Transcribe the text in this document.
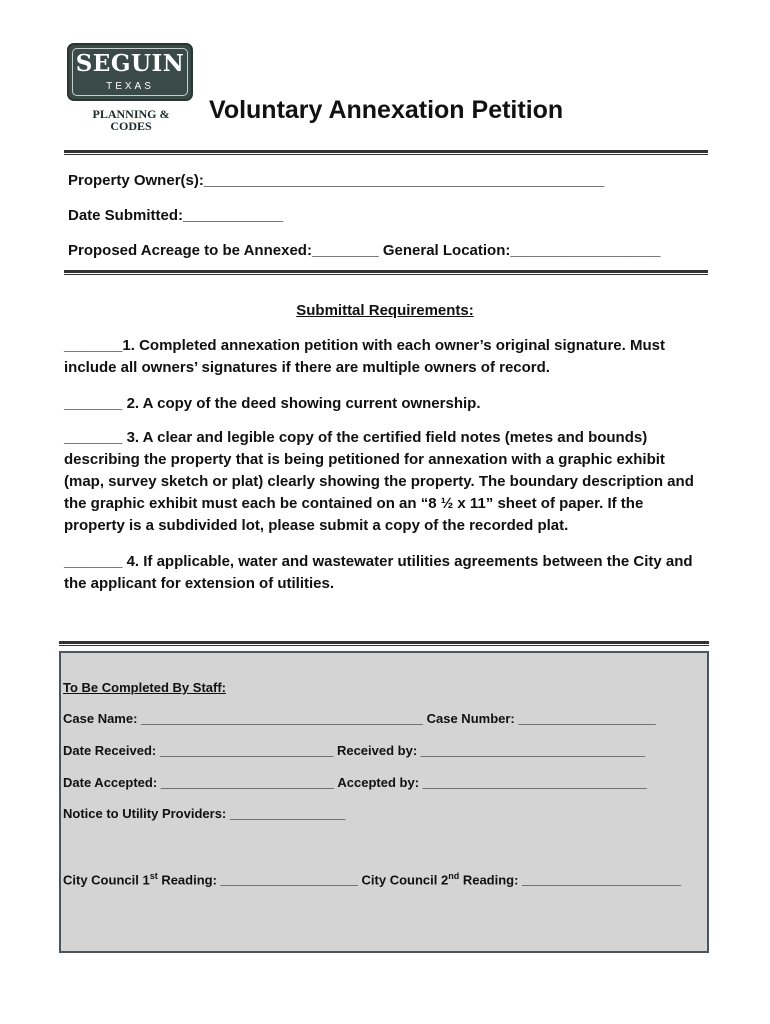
SEGUIN
TEXAS
PLANNING &
CODES
Voluntary Annexation Petition
Property Owner(s):________________________________________________
Date Submitted:____________
Proposed Acreage to be Annexed:________ General Location:__________________
Submittal Requirements:
_______1. Completed annexation petition with each owner’s original signature. Must include all owners’ signatures if there are multiple owners of record.
_______ 2. A copy of the deed showing current ownership.
_______ 3. A clear and legible copy of the certified field notes (metes and bounds) describing the property that is being petitioned for annexation with a graphic exhibit (map, survey sketch or plat) clearly showing the property. The boundary description and the graphic exhibit must each be contained on an “8 ½ x 11” sheet of paper. If the property is a subdivided lot, please submit a copy of the recorded plat.
_______ 4. If applicable, water and wastewater utilities agreements between the City and the applicant for extension of utilities.
To Be Completed By Staff:
Case Name: _______________________________________ Case Number: ___________________
Date Received: ________________________ Received by: _______________________________
Date Accepted: ________________________ Accepted by: _______________________________
Notice to Utility Providers: ________________
City Council 1st Reading: ___________________ City Council 2nd Reading: ______________________
